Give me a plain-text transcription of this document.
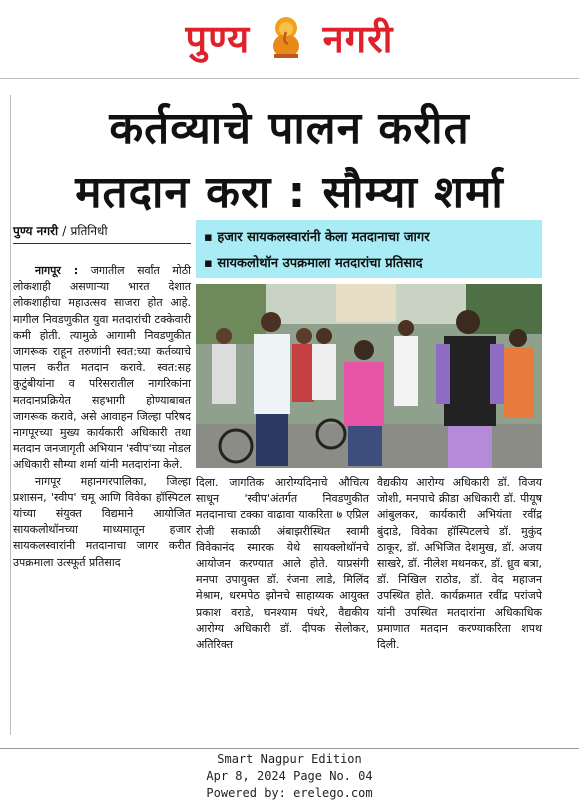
पुण्य नगरी
कर्तव्याचे पालन करीत
मतदान करा : सौम्या शर्मा
पुण्य नगरी / प्रतिनिधी	▪ हजार सायकलस्वारांनी केला मतदानाचा जागर
▪ सायकलोथॉन उपक्रमाला मतदारांचा प्रतिसाद

नागपूर : जगातील सर्वांत मोठी लोकशाही असणाऱ्या भारत देशात लोकशाहीचा महाउत्सव साजरा होत आहे. मागील निवडणुकीत युवा मतदारांची टक्केवारी कमी होती. त्यामुळे आगामी निवडणुकीत जागरूक राहून तरुणांनी स्वत:च्या कर्तव्याचे पालन करीत मतदान करावे. स्वत:सह कुटुंबीयांना व परिसरातील नागरिकांना मतदानप्रक्रियेत सहभागी होण्याबाबत जागरूक करावे, असे आवाहन जिल्हा परिषद नागपूरच्या मुख्य कार्यकारी अधिकारी तथा मतदान जनजागृती अभियान 'स्वीप'च्या नोडल अधिकारी सौम्या शर्मा यांनी मतदारांना केले.

नागपूर महानगरपालिका, जिल्हा प्रशासन, 'स्वीप' चमू आणि विवेका हॉस्पिटल यांच्या संयुक्त विद्यमाने आयोजित सायकलोथॉनच्या माध्यमातून हजार सायकलस्वारांनी मतदानाचा जागर करीत उपक्रमाला उत्स्फूर्त प्रतिसाद

दिला. जागतिक आरोग्यदिनाचे औचित्य साधून 'स्वीप'अंतर्गत निवडणुकीत मतदानाचा टक्का वाढावा याकरिता ७ एप्रिल रोजी सकाळी अंबाझरीस्थित स्वामी विवेकानंद स्मारक येथे सायक्लोथॉनचे आयोजन करण्यात आले होते. याप्रसंगी मनपा उपायुक्त डॉ. रंजना लाडे, मिलिंद मेश्राम, धरमपेठ झोनचे साहाय्यक आयुक्त प्रकाश वराडे, घनश्याम पंधरे, वैद्यकीय आरोग्य अधिकारी डॉ. दीपक सेलोकर, अतिरिक्त

वैद्यकीय आरोग्य अधिकारी डॉ. विजय जोशी, मनपाचे क्रीडा अधिकारी डॉ. पीयूष आंबुलकर, कार्यकारी अभियंता रवींद्र बुंदाडे, विवेका हॉस्पिटलचे डॉ. मुकुंद ठाकूर, डॉ. अभिजित देशमुख, डॉ. अजय साखरे, डॉ. नीलेश मथनकर, डॉ. ध्रुव बत्रा, डॉ. निखिल राठोड, डॉ. वेद महाजन उपस्थित होते. कार्यक्रमात रवींद्र परांजपे यांनी उपस्थित मतदारांना अधिकाधिक प्रमाणात मतदान करण्याकरिता शपथ दिली.

Smart Nagpur Edition
Apr 8, 2024 Page No. 04
Powered by: erelego.com
